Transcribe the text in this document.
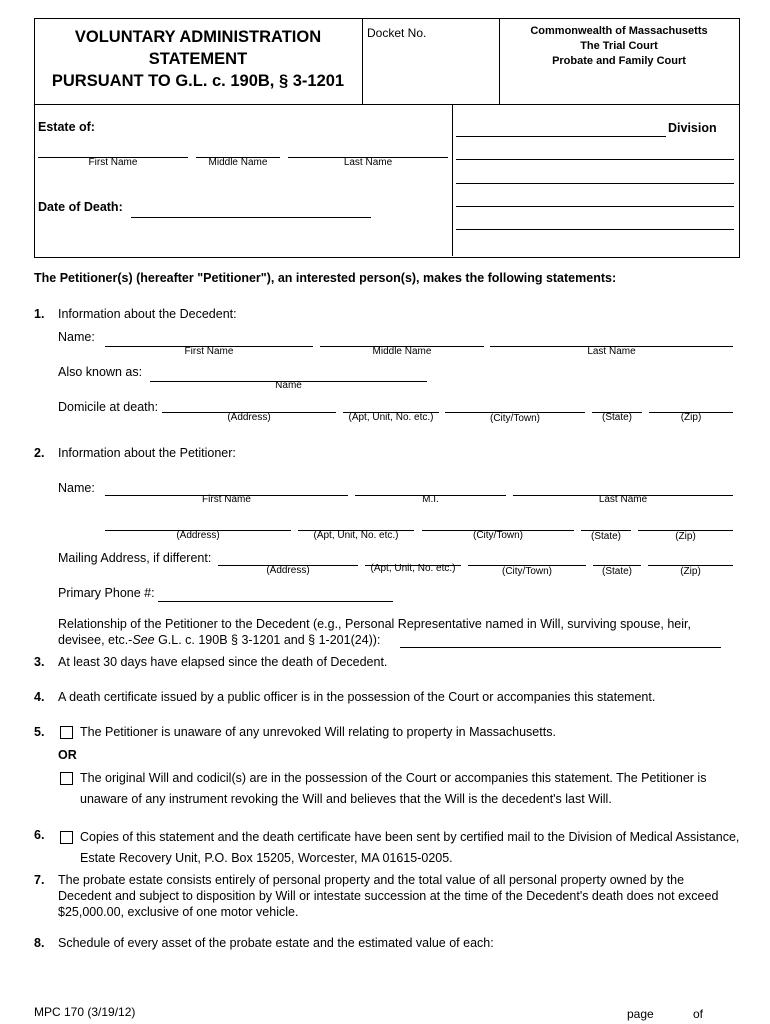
VOLUNTARY ADMINISTRATION
STATEMENT
PURSUANT TO G.L. c. 190B, § 3-1201
Docket No.	Commonwealth of Massachusetts
The Trial Court
Probate and Family Court
Estate of:	Division
First Name	Middle Name	Last Name
Date of Death:
The Petitioner(s) (hereafter "Petitioner"), an interested person(s), makes the following statements:
1. Information about the Decedent:
Name:
First Name	Middle Name	Last Name
Also known as:
Name
Domicile at death:
(Address)	(Apt, Unit, No. etc.)	(City/Town)	(State)	(Zip)
2. Information about the Petitioner:
Name:
First Name	M.I.	Last Name
(Address)	(Apt, Unit, No. etc.)	(City/Town)	(State)	(Zip)
Mailing Address, if different:
(Address)	(Apt, Unit, No. etc.)	(City/Town)	(State)	(Zip)
Primary Phone #:
Relationship of the Petitioner to the Decedent (e.g., Personal Representative named in Will, surviving spouse, heir,
devisee, etc.-See G.L. c. 190B § 3-1201 and § 1-201(24)):
3. At least 30 days have elapsed since the death of Decedent.
4. A death certificate issued by a public officer is in the possession of the Court or accompanies this statement.
5.	The Petitioner is unaware of any unrevoked Will relating to property in Massachusetts.
OR
The original Will and codicil(s) are in the possession of the Court or accompanies this statement. The Petitioner is
unaware of any instrument revoking the Will and believes that the Will is the decedent's last Will.
6.	Copies of this statement and the death certificate have been sent by certified mail to the Division of Medical Assistance,
Estate Recovery Unit, P.O. Box 15205, Worcester, MA 01615-0205.
7. The probate estate consists entirely of personal property and the total value of all personal property owned by the
Decedent and subject to disposition by Will or intestate succession at the time of the Decedent's death does not exceed
$25,000.00, exclusive of one motor vehicle.
8. Schedule of every asset of the probate estate and the estimated value of each:
MPC 170 (3/19/12)	page	of
